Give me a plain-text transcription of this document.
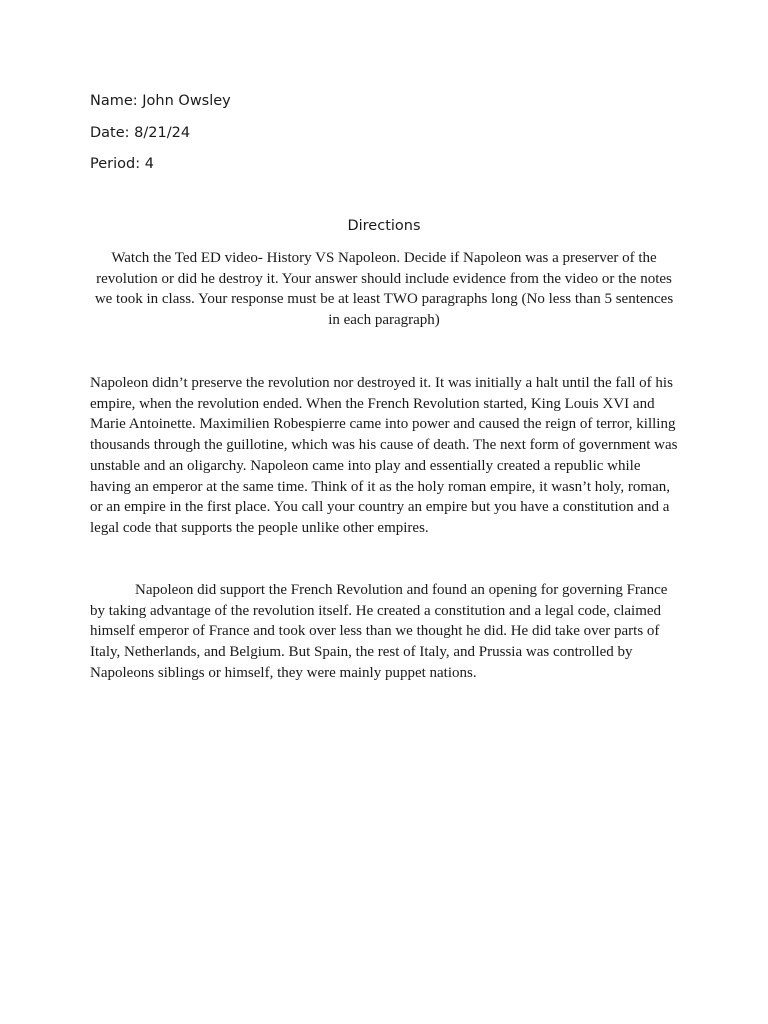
Name: John Owsley
Date: 8/21/24
Period: 4
Directions

Watch the Ted ED video- History VS Napoleon. Decide if Napoleon was a preserver of the revolution or did he destroy it. Your answer should include evidence from the video or the notes we took in class. Your response must be at least TWO paragraphs long (No less than 5 sentences in each paragraph)

Napoleon didn’t preserve the revolution nor destroyed it. It was initially a halt until the fall of his empire, when the revolution ended. When the French Revolution started, King Louis XVI and Marie Antoinette. Maximilien Robespierre came into power and caused the reign of terror, killing thousands through the guillotine, which was his cause of death. The next form of government was unstable and an oligarchy. Napoleon came into play and essentially created a republic while having an emperor at the same time. Think of it as the holy roman empire, it wasn’t holy, roman, or an empire in the first place. You call your country an empire but you have a constitution and a legal code that supports the people unlike other empires.

Napoleon did support the French Revolution and found an opening for governing France by taking advantage of the revolution itself. He created a constitution and a legal code, claimed himself emperor of France and took over less than we thought he did. He did take over parts of Italy, Netherlands, and Belgium. But Spain, the rest of Italy, and Prussia was controlled by Napoleons siblings or himself, they were mainly puppet nations.
